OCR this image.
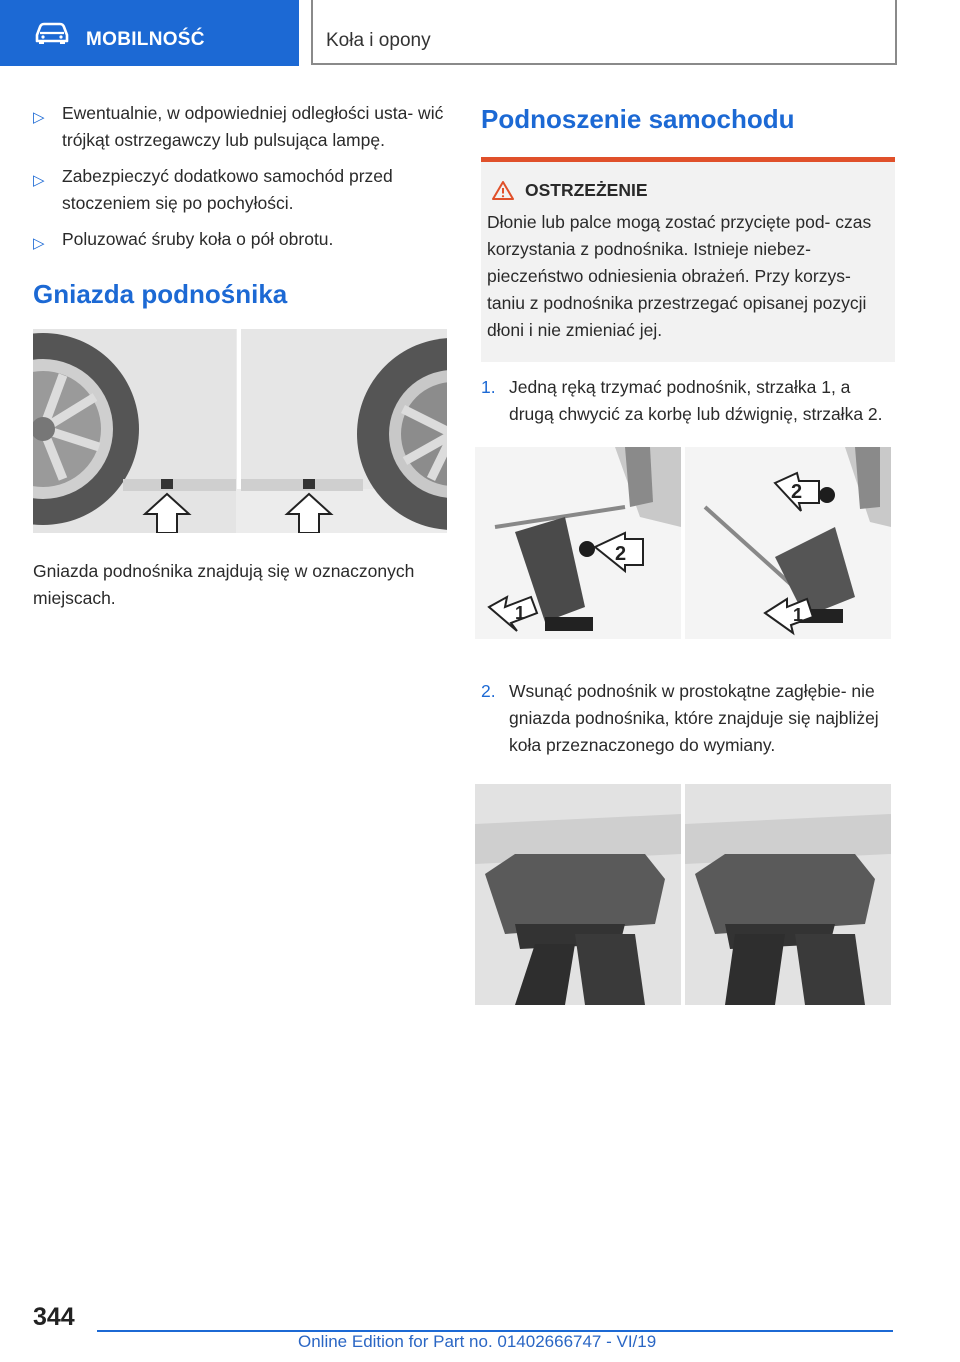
MOBILNOŚĆ	Koła i opony
▷ Ewentualnie, w odpowiedniej odległości usta‐ wić trójkąt ostrzegawczy lub pulsująca lampę.
▷ Zabezpieczyć dodatkowo samochód przed stoczeniem się po pochyłości.
▷ Poluzować śruby koła o pół obrotu.
Gniazda podnośnika
Gniazda podnośnika znajdują się w oznaczonych miejscach.
Podnoszenie samochodu
OSTRZEŻENIE
Dłonie lub palce mogą zostać przycięte pod‐ czas korzystania z podnośnika. Istnieje niebez‐ pieczeństwo odniesienia obrażeń. Przy korzys‐ taniu z podnośnika przestrzegać opisanej pozycji dłoni i nie zmieniać jej.
1. Jedną ręką trzymać podnośnik, strzałka 1, a drugą chwycić za korbę lub dźwignię, strzałka 2.
2
1
2
1
2. Wsunąć podnośnik w prostokątne zagłębie‐ nie gniazda podnośnika, które znajduje się najbliżej koła przeznaczonego do wymiany.
344
Online Edition for Part no. 01402666747 - VI/19
